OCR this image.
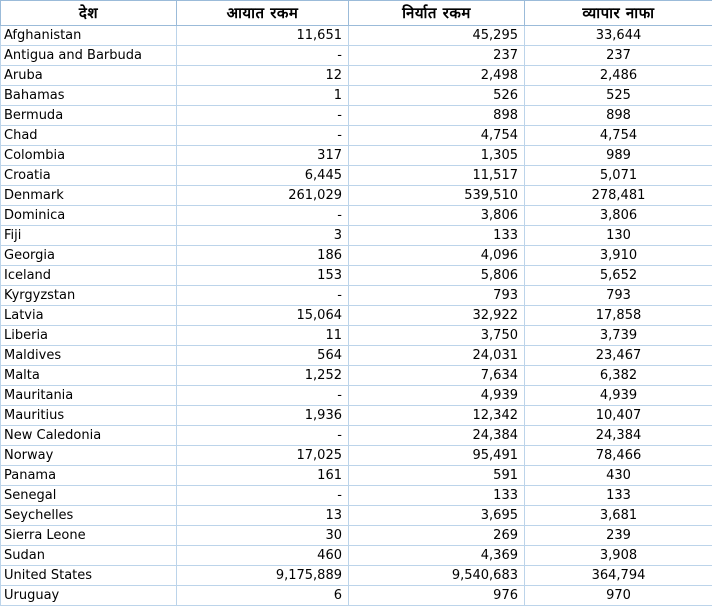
देश	आयात रकम	निर्यात रकम	व्यापार नाफा
Afghanistan	11,651	45,295	33,644
Antigua and Barbuda	-	237	237
Aruba	12	2,498	2,486
Bahamas	1	526	525
Bermuda	-	898	898
Chad	-	4,754	4,754
Colombia	317	1,305	989
Croatia	6,445	11,517	5,071
Denmark	261,029	539,510	278,481
Dominica	-	3,806	3,806
Fiji	3	133	130
Georgia	186	4,096	3,910
Iceland	153	5,806	5,652
Kyrgyzstan	-	793	793
Latvia	15,064	32,922	17,858
Liberia	11	3,750	3,739
Maldives	564	24,031	23,467
Malta	1,252	7,634	6,382
Mauritania	-	4,939	4,939
Mauritius	1,936	12,342	10,407
New Caledonia	-	24,384	24,384
Norway	17,025	95,491	78,466
Panama	161	591	430
Senegal	-	133	133
Seychelles	13	3,695	3,681
Sierra Leone	30	269	239
Sudan	460	4,369	3,908
United States	9,175,889	9,540,683	364,794
Uruguay	6	976	970
